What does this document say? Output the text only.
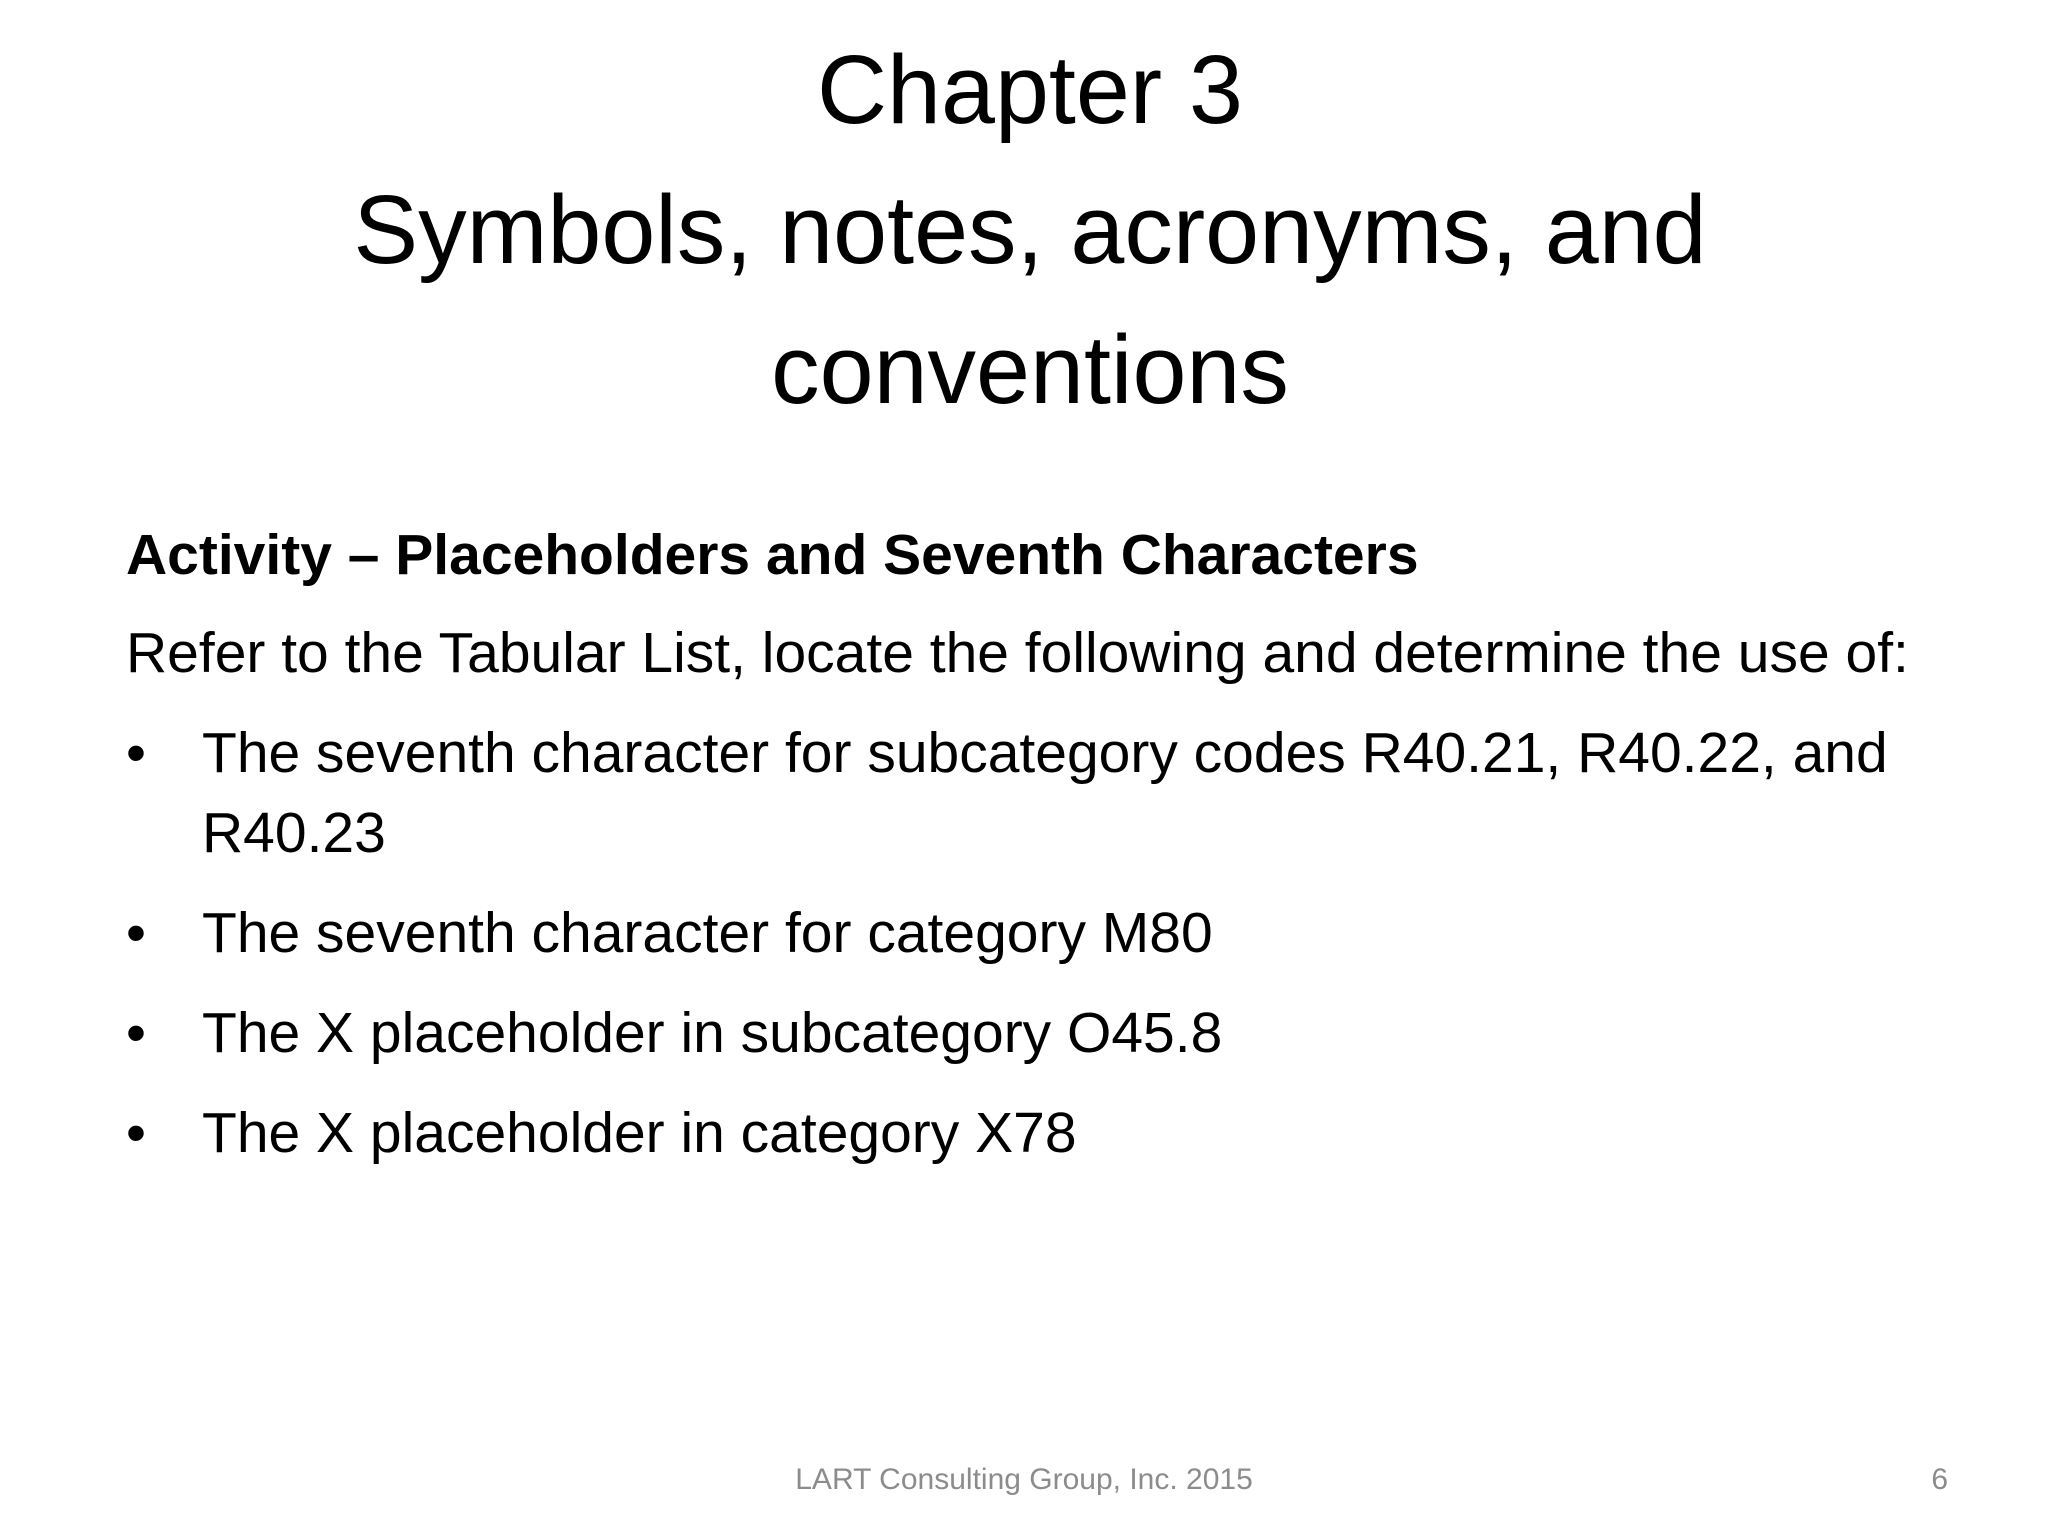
Chapter 3
Symbols, notes, acronyms, and
conventions
Activity – Placeholders and Seventh Characters
Refer to the Tabular List, locate the following and determine the use of:
• The seventh character for subcategory codes R40.21, R40.22, and R40.23
• The seventh character for category M80
• The X placeholder in subcategory O45.8
• The X placeholder in category X78
LART Consulting Group, Inc. 2015	6
